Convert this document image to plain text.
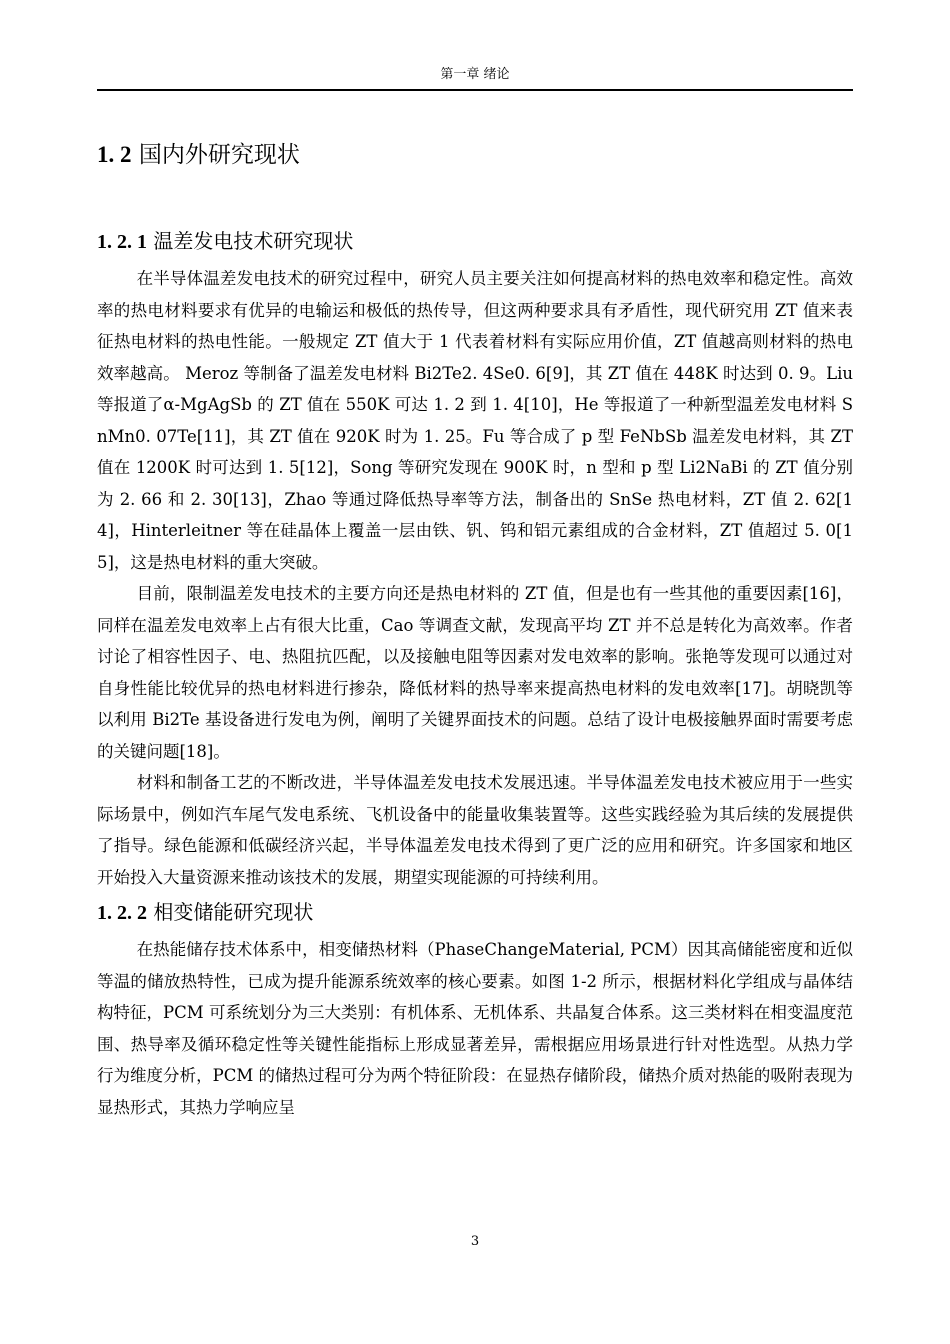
第一章 绪论
1. 2 国内外研究现状
1. 2. 1 温差发电技术研究现状

在半导体温差发电技术的研究过程中，研究人员主要关注如何提高材料的热电效率和稳定性。高效率的热电材料要求有优异的电输运和极低的热传导，但这两种要求具有矛盾性，现代研究用 ZT 值来表征热电材料的热电性能。一般规定 ZT 值大于 1 代表着材料有实际应用价值，ZT 值越高则材料的热电效率越高。 Meroz 等制备了温差发电材料 Bi2Te2. 4Se0. 6[9]，其 ZT 值在 448K 时达到 0. 9。Liu 等报道了α-MgAgSb 的 ZT 值在 550K 可达 1. 2 到 1. 4[10]，He 等报道了一种新型温差发电材料 SnMn0. 07Te[11]，其 ZT 值在 920K 时为 1. 25。Fu 等合成了 p 型 FeNbSb 温差发电材料，其 ZT 值在 1200K 时可达到 1. 5[12]，Song 等研究发现在 900K 时，n 型和 p 型 Li2NaBi 的 ZT 值分别为 2. 66 和 2. 30[13]，Zhao 等通过降低热导率等方法，制备出的 SnSe 热电材料，ZT 值 2. 62[14]，Hinterleitner 等在硅晶体上覆盖一层由铁、钒、钨和铝元素组成的合金材料，ZT 值超过 5. 0[15]，这是热电材料的重大突破。

目前，限制温差发电技术的主要方向还是热电材料的 ZT 值，但是也有一些其他的重要因素[16]，同样在温差发电效率上占有很大比重，Cao 等调查文献，发现高平均 ZT 并不总是转化为高效率。作者讨论了相容性因子、电、热阻抗匹配，以及接触电阻等因素对发电效率的影响。张艳等发现可以通过对自身性能比较优异的热电材料进行掺杂，降低材料的热导率来提高热电材料的发电效率[17]。胡晓凯等以利用 Bi2Te 基设备进行发电为例，阐明了关键界面技术的问题。总结了设计电极接触界面时需要考虑的关键问题[18]。

材料和制备工艺的不断改进，半导体温差发电技术发展迅速。半导体温差发电技术被应用于一些实际场景中，例如汽车尾气发电系统、飞机设备中的能量收集装置等。这些实践经验为其后续的发展提供了指导。绿色能源和低碳经济兴起，半导体温差发电技术得到了更广泛的应用和研究。许多国家和地区开始投入大量资源来推动该技术的发展，期望实现能源的可持续利用。

1. 2. 2 相变储能研究现状

在热能储存技术体系中，相变储热材料（PhaseChangeMaterial, PCM）因其高储能密度和近似等温的储放热特性，已成为提升能源系统效率的核心要素。如图 1-2 所示，根据材料化学组成与晶体结构特征，PCM 可系统划分为三大类别：有机体系、无机体系、共晶复合体系。这三类材料在相变温度范围、热导率及循环稳定性等关键性能指标上形成显著差异，需根据应用场景进行针对性选型。从热力学行为维度分析，PCM 的储热过程可分为两个特征阶段：在显热存储阶段，储热介质对热能的吸附表现为显热形式，其热力学响应呈

3
